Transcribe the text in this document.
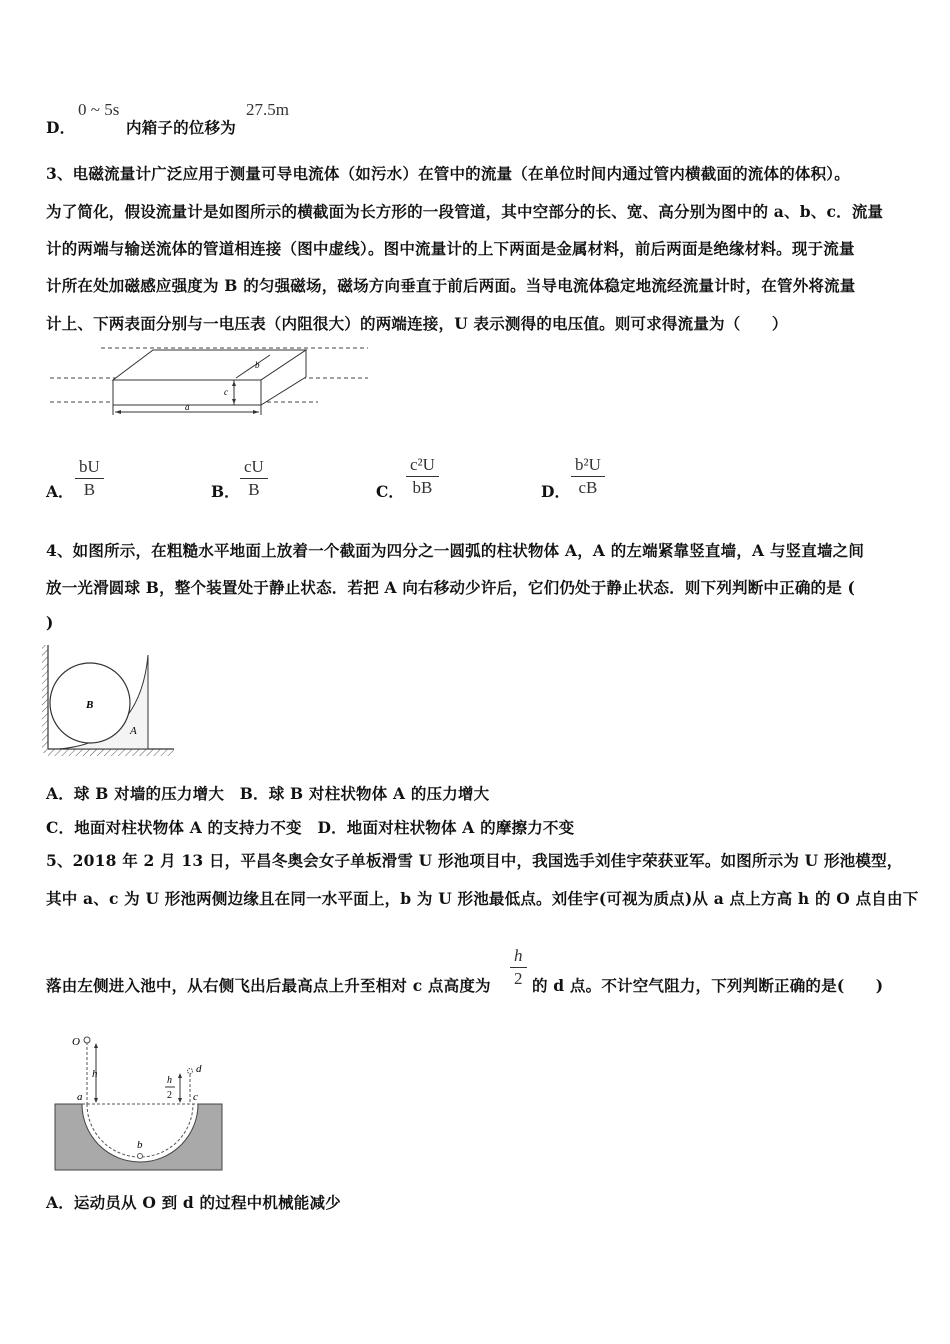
D．
0 ~ 5s
内箱子的位移为
27.5m
3、电磁流量计广泛应用于测量可导电流体（如污水）在管中的流量（在单位时间内通过管内横截面的流体的体积）。
为了简化，假设流量计是如图所示的横截面为长方形的一段管道，其中空部分的长、宽、高分别为图中的 a、b、c．流量
计的两端与输送流体的管道相连接（图中虚线）。图中流量计的上下两面是金属材料，前后两面是绝缘材料。现于流量
计所在处加磁感应强度为 B 的匀强磁场，磁场方向垂直于前后两面。当导电流体稳定地流经流量计时，在管外将流量
计上、下两表面分别与一电压表（内阻很大）的两端连接，U 表示测得的电压值。则可求得流量为（　　）
a
b
c
A．
bU
B	B．
cU
B	C．
c²U
bB	D．
b²U
cB
4、如图所示，在粗糙水平地面上放着一个截面为四分之一圆弧的柱状物体 A，A 的左端紧靠竖直墙，A 与竖直墙之间
放一光滑圆球 B，整个装置处于静止状态．若把 A 向右移动少许后，它们仍处于静止状态．则下列判断中正确的是 (
)
B
A
A．球 B 对墙的压力增大　B．球 B 对柱状物体 A 的压力增大
C．地面对柱状物体 A 的支持力不变　D．地面对柱状物体 A 的摩擦力不变
5、2018 年 2 月 13 日，平昌冬奥会女子单板滑雪 U 形池项目中，我国选手刘佳宇荣获亚军。如图所示为 U 形池模型，
其中 a、c 为 U 形池两侧边缘且在同一水平面上，b 为 U 形池最低点。刘佳宇(可视为质点)从 a 点上方高 h 的 O 点自由下
落由左侧进入池中，从右侧飞出后最高点上升至相对 c 点高度为
h
2 的 d 点。不计空气阻力，下列判断正确的是(　　)
O
h
h
2
d
a	c
b
A．运动员从 O 到 d 的过程中机械能减少
